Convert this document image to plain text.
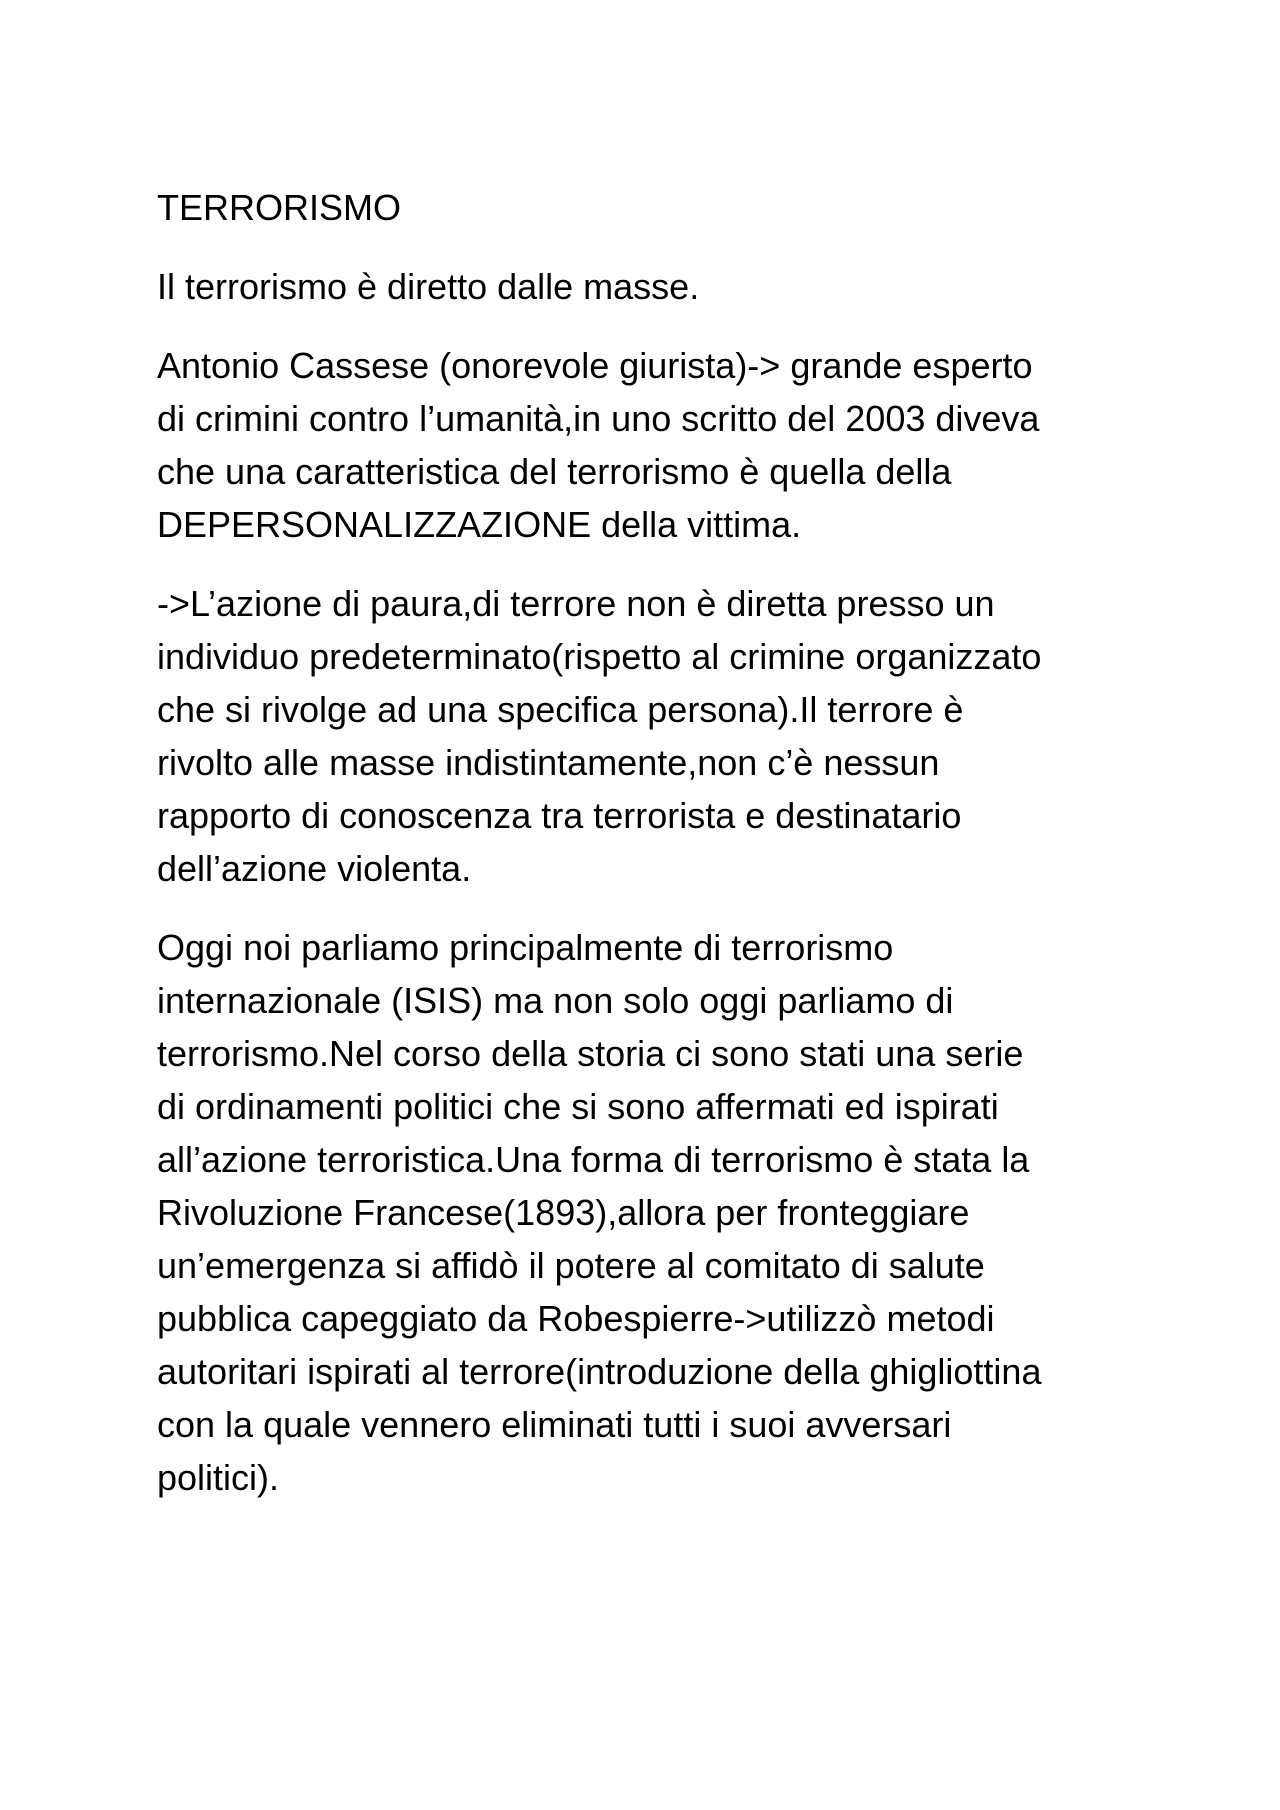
TERRORISMO

Il terrorismo è diretto dalle masse.

Antonio Cassese (onorevole giurista)-> grande esperto
di crimini contro l’umanità,in uno scritto del 2003 diveva
che una caratteristica del terrorismo è quella della
DEPERSONALIZZAZIONE della vittima.

->L’azione di paura,di terrore non è diretta presso un
individuo predeterminato(rispetto al crimine organizzato
che si rivolge ad una specifica persona).Il terrore è
rivolto alle masse indistintamente,non c’è nessun
rapporto di conoscenza tra terrorista e destinatario
dell’azione violenta.

Oggi noi parliamo principalmente di terrorismo
internazionale (ISIS) ma non solo oggi parliamo di
terrorismo.Nel corso della storia ci sono stati una serie
di ordinamenti politici che si sono affermati ed ispirati
all’azione terroristica.Una forma di terrorismo è stata la
Rivoluzione Francese(1893),allora per fronteggiare
un’emergenza si affidò il potere al comitato di salute
pubblica capeggiato da Robespierre->utilizzò metodi
autoritari ispirati al terrore(introduzione della ghigliottina
con la quale vennero eliminati tutti i suoi avversari
politici).
